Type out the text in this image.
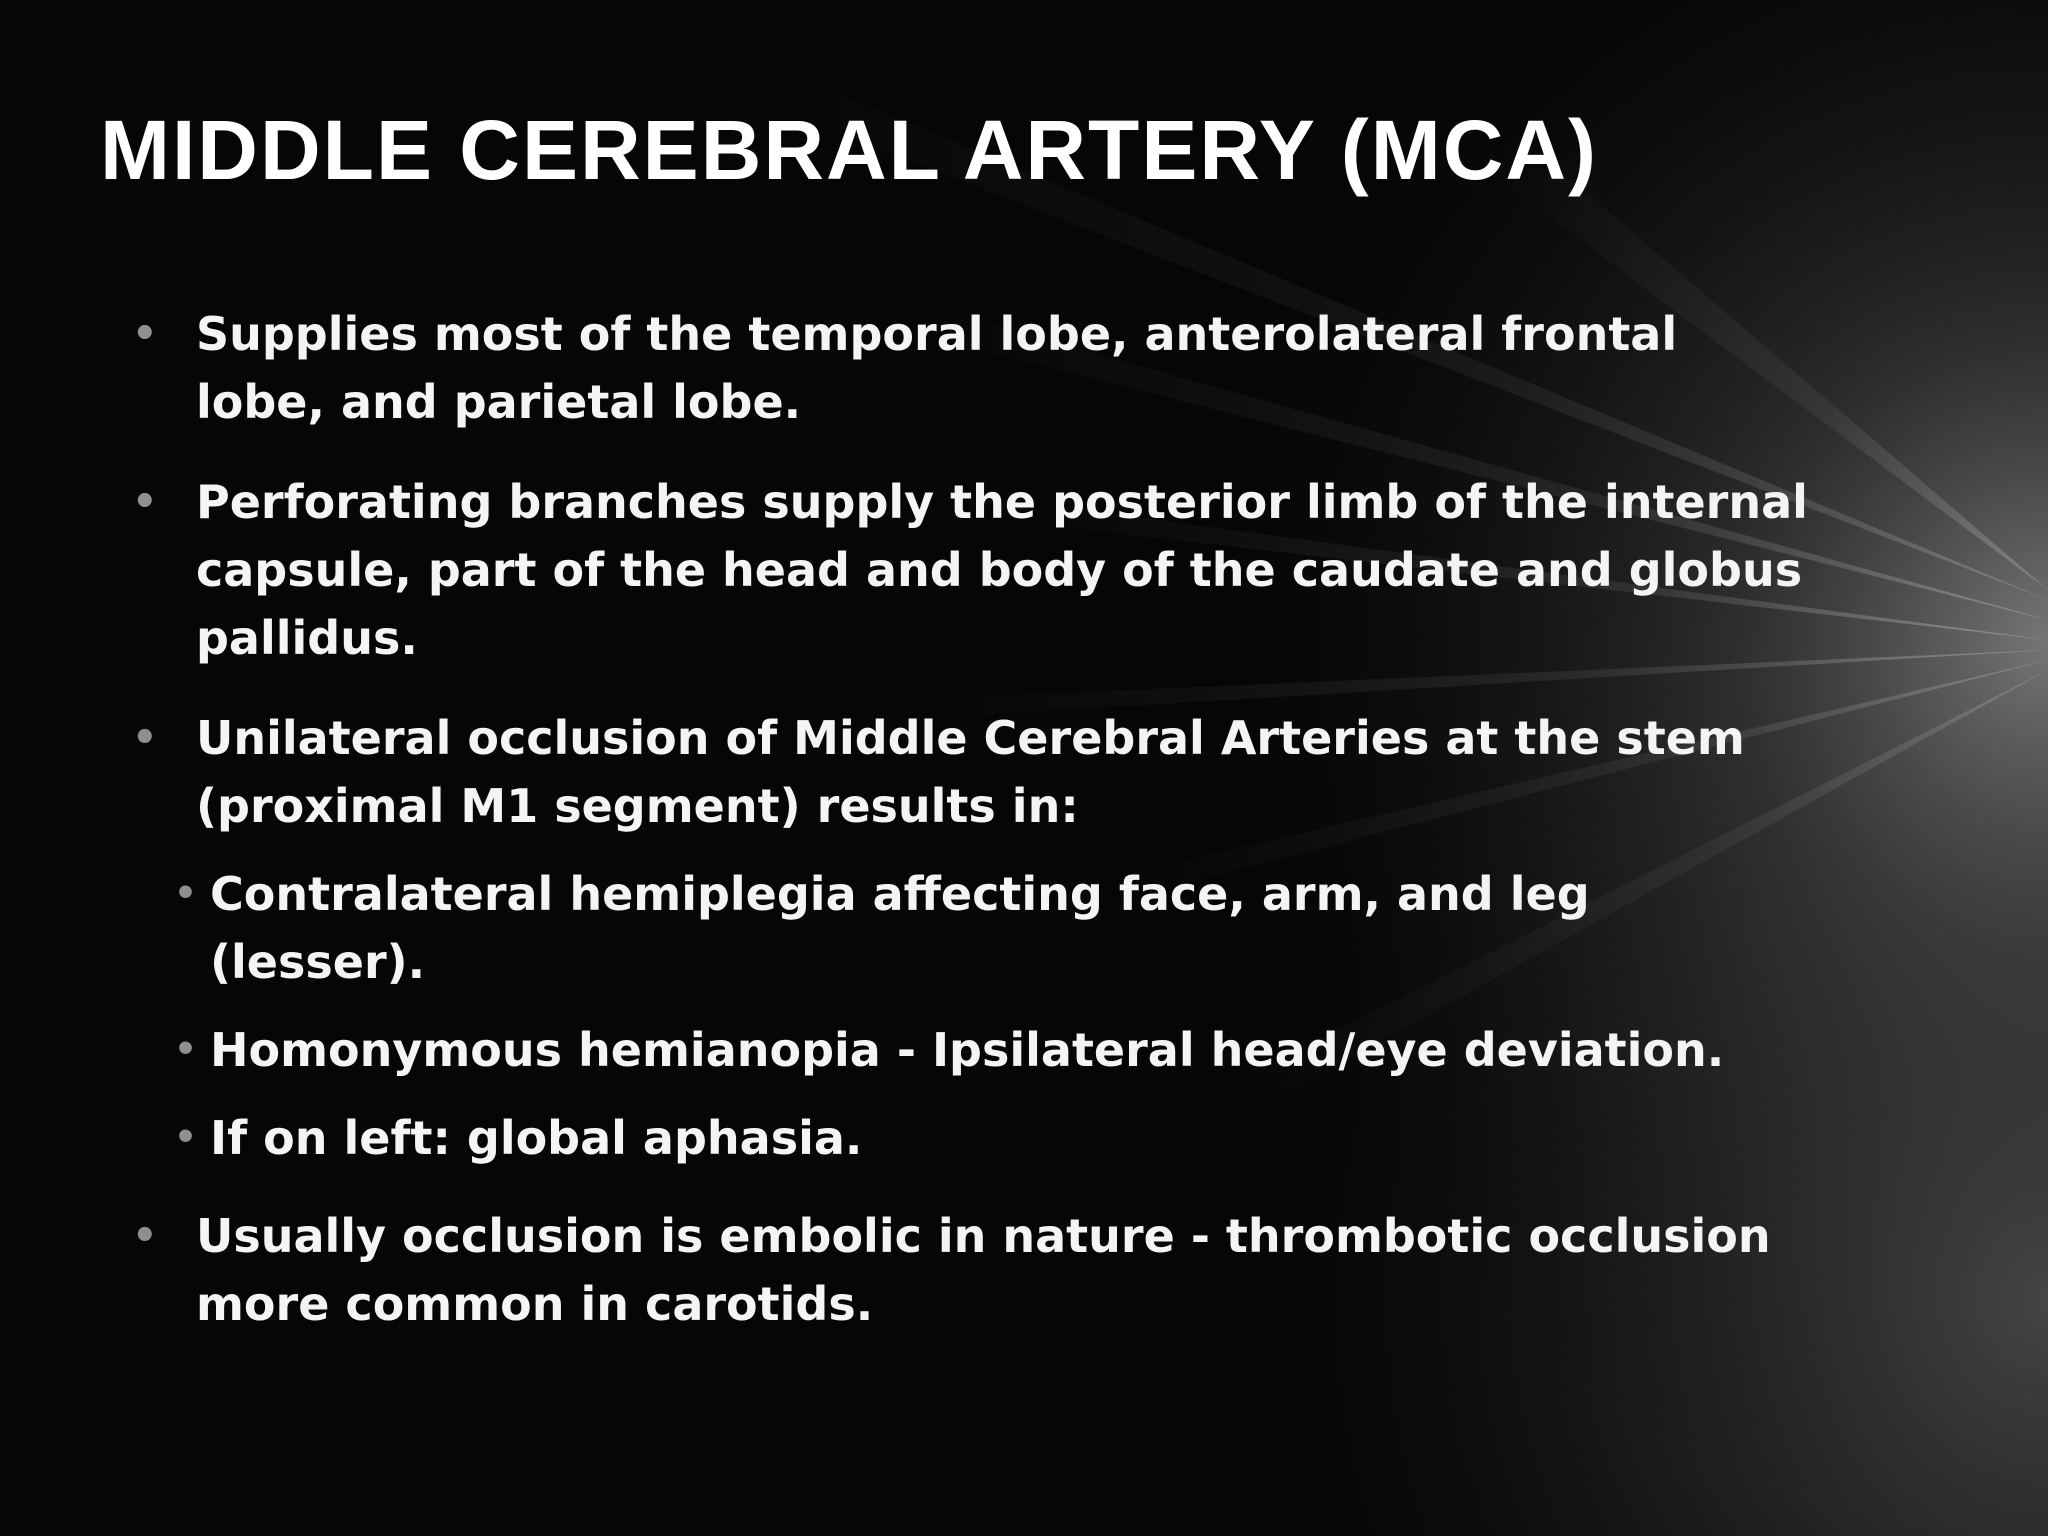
MIDDLE CEREBRAL ARTERY (MCA)
• Supplies most of the temporal lobe, anterolateral frontal lobe, and parietal lobe.
• Perforating branches supply the posterior limb of the internal capsule, part of the head and body of the caudate and globus pallidus.
• Unilateral occlusion of Middle Cerebral Arteries at the stem (proximal M1 segment) results in:
• Contralateral hemiplegia affecting face, arm, and leg (lesser).
• Homonymous hemianopia - Ipsilateral head/eye deviation.
• If on left: global aphasia.
• Usually occlusion is embolic in nature - thrombotic occlusion more common in carotids.
